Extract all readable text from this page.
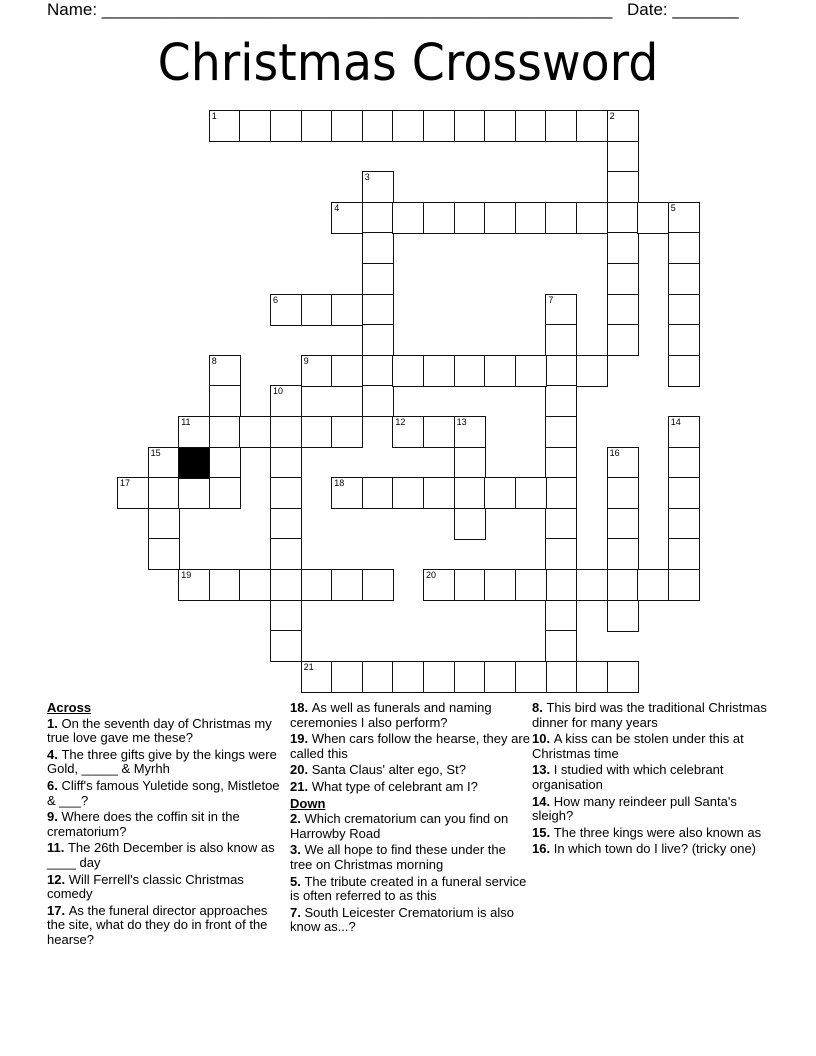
Name: ______________________________________________________ Date: _______
Christmas Crossword
1	2
3
4	5
6	7
8	9
10
11	12	13	14
15	16
17	18
19	20
21
Across
1. On the seventh day of Christmas my true love gave me these?
4. The three gifts give by the kings were Gold, _____ & Myrhh
6. Cliff's famous Yuletide song, Mistletoe & ___?
9. Where does the coffin sit in the crematorium?
11. The 26th December is also know as ____ day
12. Will Ferrell's classic Christmas comedy
17. As the funeral director approaches the site, what do they do in front of the hearse?
18. As well as funerals and naming ceremonies I also perform?
19. When cars follow the hearse, they are called this
20. Santa Claus' alter ego, St?
21. What type of celebrant am I?
Down
2. Which crematorium can you find on Harrowby Road
3. We all hope to find these under the tree on Christmas morning
5. The tribute created in a funeral service is often referred to as this
7. South Leicester Crematorium is also know as...?
8. This bird was the traditional Christmas dinner for many years
10. A kiss can be stolen under this at Christmas time
13. I studied with which celebrant organisation
14. How many reindeer pull Santa's sleigh?
15. The three kings were also known as
16. In which town do I live? (tricky one)
